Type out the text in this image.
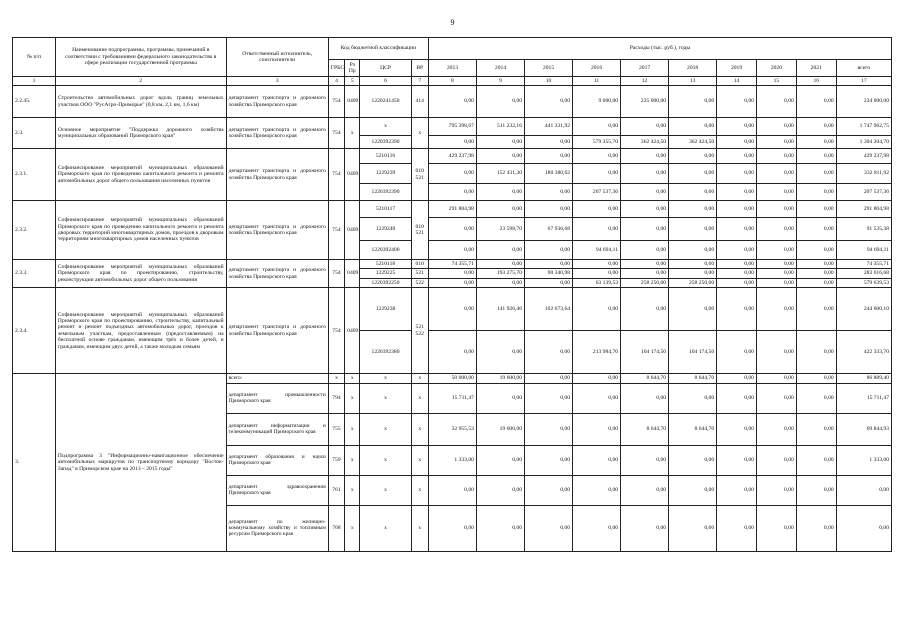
9
№ п/п	Наименование подпрограммы, программы, примечаний в соответствии с требованиями федерального законодательства в сфере реализации государственной программы	Ответственный исполнитель, соисполнители	Код бюджетной классификации				Расходы (тыс. руб.), годы									
			ГРБС	Рз Пр	ЦСР	ВР	2013	2014	2015	2016	2017	2018	2019	2020	2021	всего
1	2	3	4	5	6	7	8	9	10	11	12	13	14	15	16	17
2.2.45.	Строительство автомобильных дорог вдоль границ земельных участков ООО "РусАгро-Приморье" (0,8 км, 2,1 км, 1,6 км)	департамент транспорта и дорожного хозяйства Приморского края	754	0409	1220241450	414	0,00	0,00	0,00	9 000,00	225 000,00	0,00	0,00	0,00	0,00	234 000,00
2.3.	Основное мероприятие "Поддержка дорожного хозяйства муниципальных образований Приморского края"	департамент транспорта и дорожного хозяйства Приморского края	754	x	x	x	795 398,67	511 232,16	441 331,92	0,00	0,00	0,00	0,00	0,00	0,00	1 747 962,75
					1220392390		0,00	0,00	0,00	579 355,70	362 424,50	362 424,50	0,00	0,00	0,00	1 304 204,70
2.3.1.	Софинансирование мероприятий муниципальных образований Приморского края по проведению капитального ремонта и ремонта автомобильных дорог общего пользования населенных пунктов	департамент транспорта и дорожного хозяйства Приморского края	754	0409	5210116	010 521	429 237,98	0,00	0,00	0,00	0,00	0,00	0,00	0,00	0,00	429 237,98
					1229239		0,00	152 431,30	180 380,62	0,00	0,00	0,00	0,00	0,00	0,00	332 811,92
					1220392390		0,00	0,00	0,00	207 537,36	0,00	0,00	0,00	0,00	0,00	207 537,36
2.3.2.	Софинансирование мероприятий муниципальных образований Приморского края по проведению капитального ремонта и ремонта дворовых территорий многоквартирных домов, проездов к дворовым территориям многоквартирных домов населенных пунктов	департамент транспорта и дорожного хозяйства Приморского края	754	0409	5210117	010 521	291 804,98	0,00	0,00	0,00	0,00	0,00	0,00	0,00	0,00	291 804,98
					1229240		0,00	23 598,70	67 936,68	0,00	0,00	0,00	0,00	0,00	0,00	91 535,38
					1220392400		0,00	0,00	0,00	94 694,11	0,00	0,00	0,00	0,00	0,00	94 694,11
2.3.3.	Софинансирование мероприятий муниципальных образований Приморского края по проектированию, строительству, реконструкции автомобильных дорог общего пользования	департамент транспорта и дорожного хозяйства Приморского края	754	0409	5210118	010	74 355,71	0,00	0,00	0,00	0,00	0,00	0,00	0,00	0,00	74 355,71
					1229225	521	0,00	193 275,70	90 340,98	0,00	0,00	0,00	0,00	0,00	0,00	283 616,68
					1220392250	522	0,00	0,00	0,00	63 139,53	258 250,00	258 250,00	0,00	0,00	0,00	579 639,53
2.3.4.	Софинансирование мероприятий муниципальных образований Приморского края по проектированию, строительству, капитальный ремонт и ремонт подъездных автомобильных дорог, проездов к земельным участкам, предоставленным (предоставляемым) на бесплатной основе гражданам, имеющим трёх и более детей, и гражданам, имеющим двух детей, а также молодым семьям	департамент транспорта и дорожного хозяйства Приморского края	754	0409	1229238	521 522	0,00	141 926,46	102 673,64	0,00	0,00	0,00	0,00	0,00	0,00	244 600,10
					1220392380		0,00	0,00	0,00	213 984,70	104 174,50	104 174,50	0,00	0,00	0,00	422 333,70
3.	Подпрограмма 3 "Информационно-навигационное обеспечение автомобильных маршрутов по транспортному коридору "Восток-Запад" в Приморском крае на 2013 – 2015 годы"	всего:	x	x	x	x	50 000,00	19 600,00	0,00	0,00	8 644,70	8 644,70	0,00	0,00	0,00	86 889,40
		департамент промышленности Приморского края	794	x	x	x	15 711,47	0,00	0,00	0,00	0,00	0,00	0,00	0,00	0,00	15 711,47
		департамент информатизации и телекоммуникаций Приморского края	755	x	x	x	32 955,53	19 600,00	0,00	0,00	8 644,70	8 644,70	0,00	0,00	0,00	69 844,93
		департамент образования и науки Приморского края	759	x	x	x	1 333,00	0,00	0,00	0,00	0,00	0,00	0,00	0,00	0,00	1 333,00
		департамент здравоохранения Приморского края	761	x	x	x	0,00	0,00	0,00	0,00	0,00	0,00	0,00	0,00	0,00	0,00
		департамент по жилищно-коммунальному хозяйству и топливным ресурсам Приморского края	768	x	x	x	0,00	0,00	0,00	0,00	0,00	0,00	0,00	0,00	0,00	0,00
